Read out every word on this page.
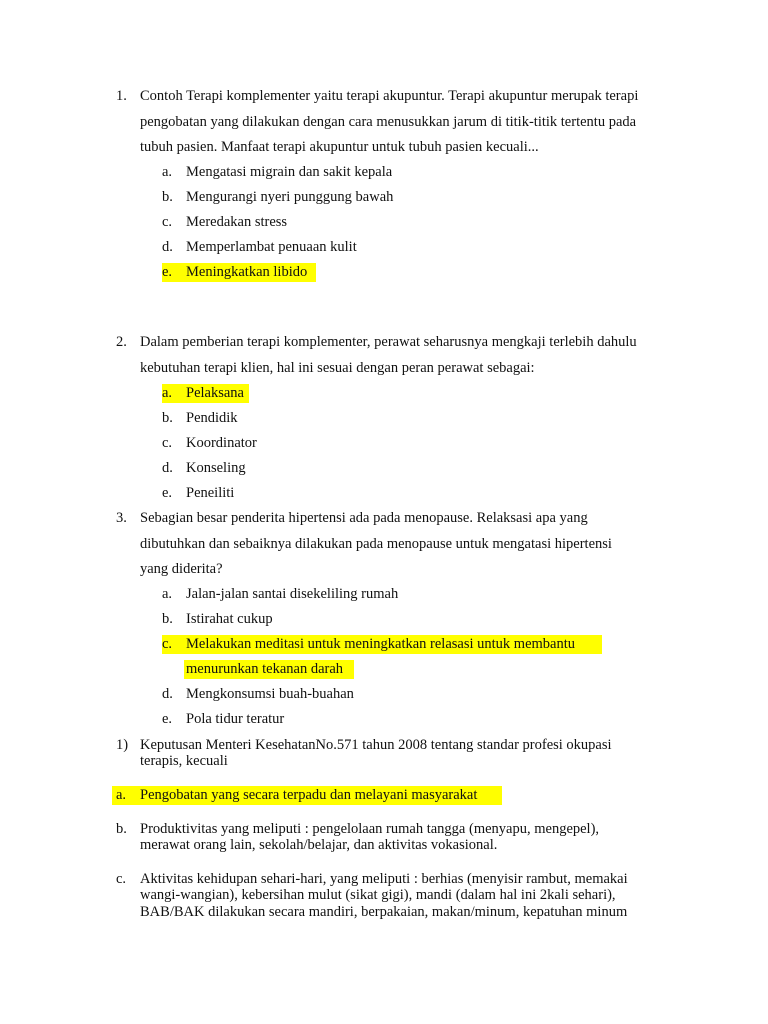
1. Contoh Terapi komplementer yaitu terapi akupuntur. Terapi akupuntur merupak terapi
pengobatan yang dilakukan dengan cara menusukkan jarum di titik-titik tertentu pada
tubuh pasien. Manfaat terapi akupuntur untuk tubuh pasien kecuali...
a. Mengatasi migrain dan sakit kepala
b. Mengurangi nyeri punggung bawah
c. Meredakan stress
d. Memperlambat penuaan kulit
e. Meningkatkan libido
2. Dalam pemberian terapi komplementer, perawat seharusnya mengkaji terlebih dahulu
kebutuhan terapi klien, hal ini sesuai dengan peran perawat sebagai:
a. Pelaksana
b. Pendidik
c. Koordinator
d. Konseling
e. Peneiliti
3. Sebagian besar penderita hipertensi ada pada menopause. Relaksasi apa yang
dibutuhkan dan sebaiknya dilakukan pada menopause untuk mengatasi hipertensi
yang diderita?
a. Jalan-jalan santai disekeliling rumah
b. Istirahat cukup
c. Melakukan meditasi untuk meningkatkan relasasi untuk membantu
menurunkan tekanan darah
d. Mengkonsumsi buah-buahan
e. Pola tidur teratur
1) Keputusan Menteri KesehatanNo.571 tahun 2008 tentang standar profesi okupasi
terapis, kecuali
a. Pengobatan yang secara terpadu dan melayani masyarakat
b. Produktivitas yang meliputi : pengelolaan rumah tangga (menyapu, mengepel),
merawat orang lain, sekolah/belajar, dan aktivitas vokasional.
c. Aktivitas kehidupan sehari-hari, yang meliputi : berhias (menyisir rambut, memakai
wangi-wangian), kebersihan mulut (sikat gigi), mandi (dalam hal ini 2kali sehari),
BAB/BAK dilakukan secara mandiri, berpakaian, makan/minum, kepatuhan minum
